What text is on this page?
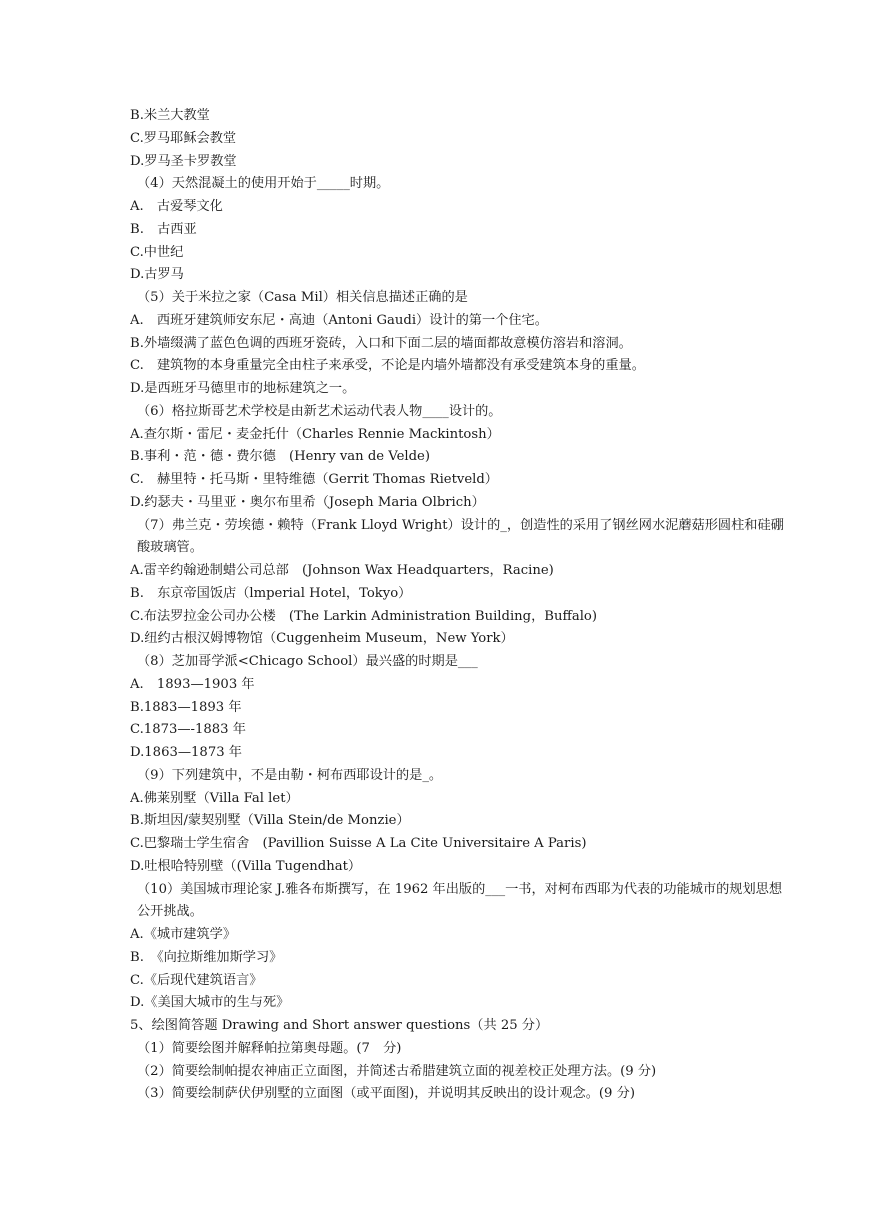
B.米兰大教堂
C.罗马耶稣会教堂
D.罗马圣卡罗教堂
（4）天然混凝土的使用开始于_____时期。
A.　古爱琴文化
B.　古西亚
C.中世纪
D.古罗马
（5）关于米拉之家（Casa Mil）相关信息描述正确的是
A.　西班牙建筑师安东尼・高迪（Antoni Gaudi）设计的第一个住宅。
B.外墙缀满了蓝色色调的西班牙瓷砖，入口和下面二层的墙面都故意模仿溶岩和溶洞。
C.　建筑物的本身重量完全由柱子来承受，不论是内墙外墙都没有承受建筑本身的重量。
D.是西班牙马德里市的地标建筑之一。
（6）格拉斯哥艺术学校是由新艺术运动代表人物____设计的。
A.查尔斯・雷尼・麦金托什（Charles Rennie Mackintosh）
B.事利・范・德・费尔德　(Henry van de Velde)
C.　赫里特・托马斯・里特维德（Gerrit Thomas Rietveld）
D.约瑟夫・马里亚・奥尔布里希（Joseph Maria Olbrich）
（7）弗兰克・劳埃德・赖特（Frank Lloyd Wright）设计的_，创造性的采用了钢丝网水泥蘑菇形圆柱和硅硼酸玻璃管。
A.雷辛约翰逊制蜡公司总部　(Johnson Wax Headquarters，Racine)
B.　东京帝国饭店（lmperial Hotel，Tokyo）
C.布法罗拉金公司办公楼　(The Larkin Administration Building，Buffalo)
D.纽约古根汉姆博物馆（Cuggenheim Museum，New York）
（8）芝加哥学派<Chicago School）最兴盛的时期是___
A.　1893—1903 年
B.1883—1893 年
C.1873—-1883 年
D.1863—1873 年
（9）下列建筑中，不是由勒・柯布西耶设计的是_。
A.佛莱别墅（Villa Fal let）
B.斯坦因/蒙契别墅（Villa Stein/de Monzie）
C.巴黎瑞士学生宿舍　(Pavillion Suisse A La Cite Universitaire A Paris)
D.吐根哈特别壁（(Villa Tugendhat）
（10）美国城市理论家 J.雅各布斯撰写，在 1962 年出版的___一书，对柯布西耶为代表的功能城市的规划思想公开挑战。
A.《城市建筑学》
B.　《向拉斯维加斯学习》
C.《后现代建筑语言》
D.《美国大城市的生与死》
5、绘图简答题 Drawing and Short answer questions（共 25 分）
（1）简要绘图并解释帕拉第奥母题。(7　分)
（2）简要绘制帕提农神庙正立面图，并简述古希腊建筑立面的视差校正处理方法。(9 分)
（3）简要绘制萨伏伊别墅的立面图（或平面图)，并说明其反映出的设计观念。(9 分)
